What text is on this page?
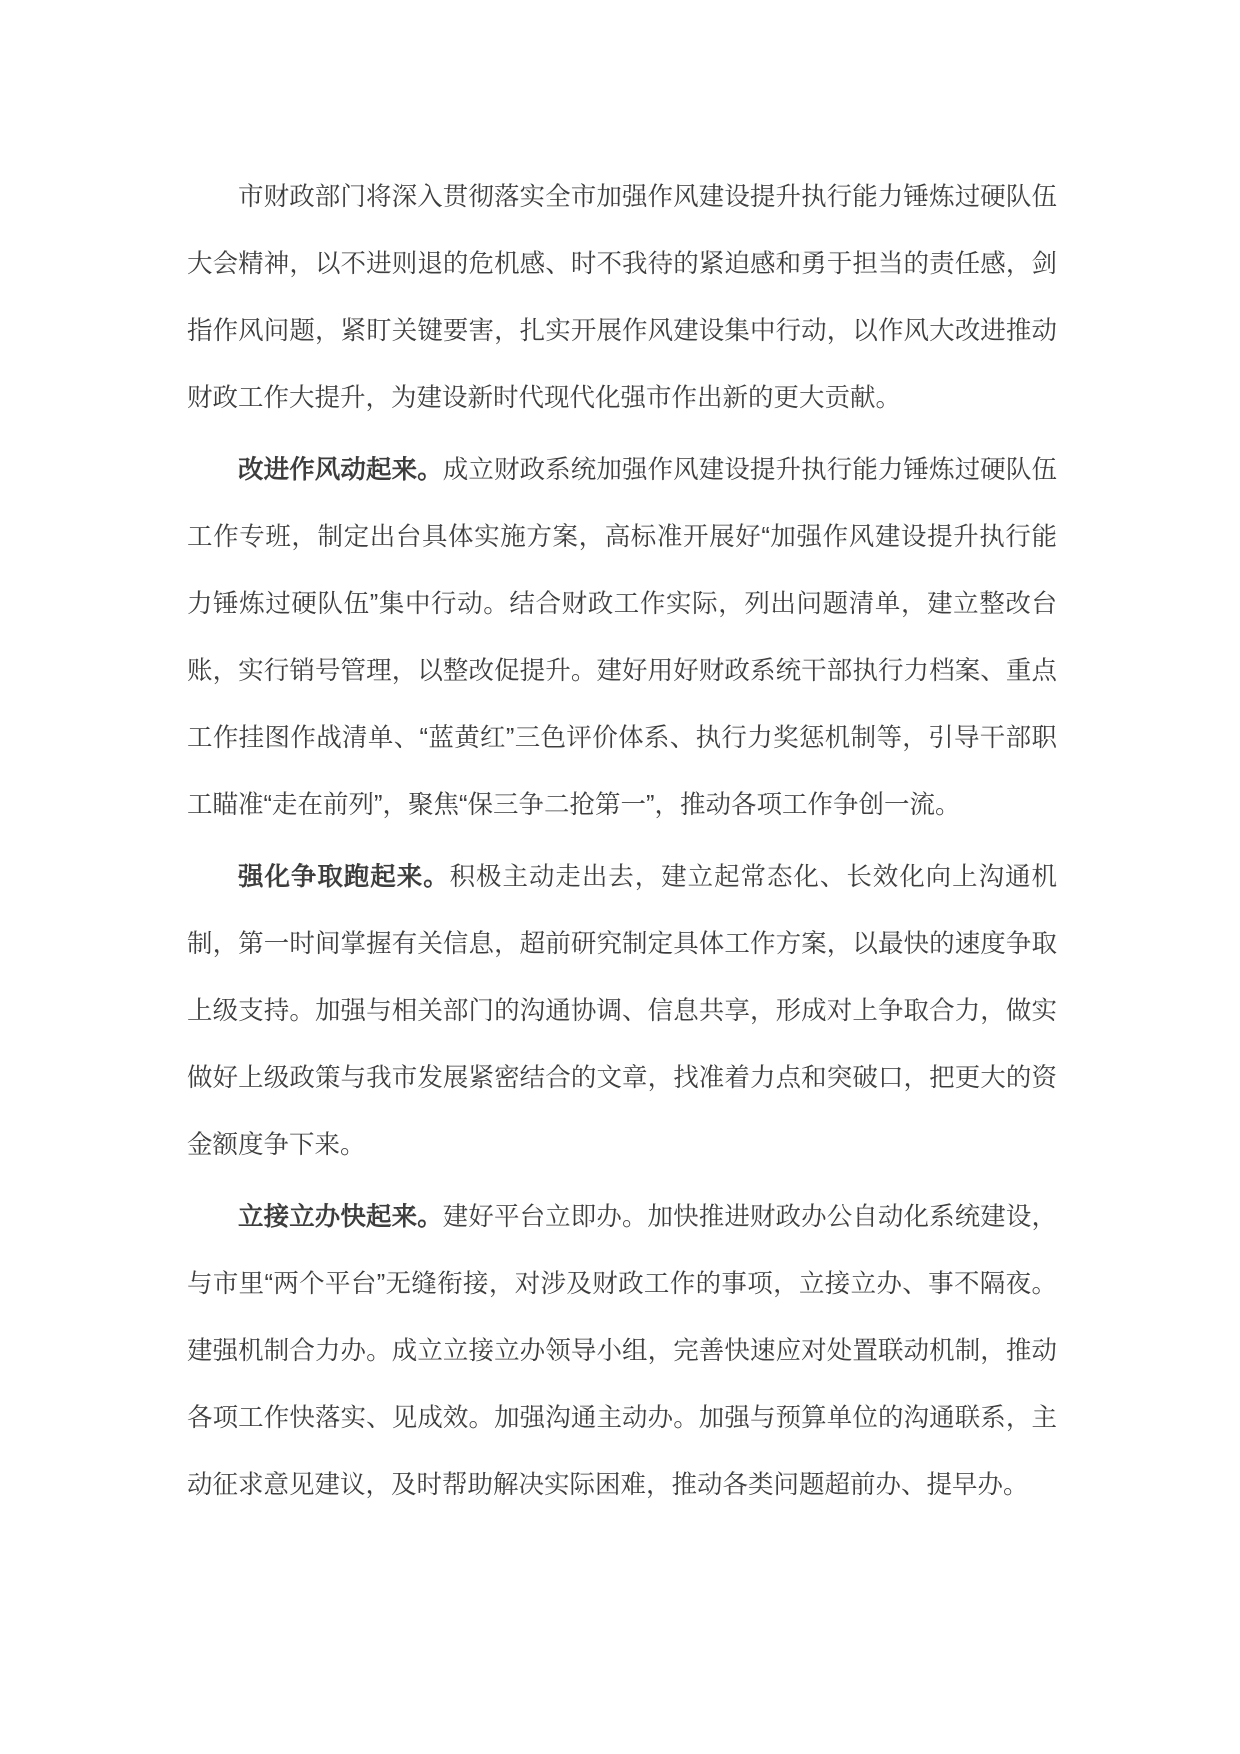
市财政部门将深入贯彻落实全市加强作风建设提升执行能力锤炼过硬队伍大会精神，以不进则退的危机感、时不我待的紧迫感和勇于担当的责任感，剑指作风问题，紧盯关键要害，扎实开展作风建设集中行动，以作风大改进推动财政工作大提升，为建设新时代现代化强市作出新的更大贡献。

改进作风动起来。成立财政系统加强作风建设提升执行能力锤炼过硬队伍工作专班，制定出台具体实施方案，高标准开展好“加强作风建设提升执行能力锤炼过硬队伍”集中行动。结合财政工作实际，列出问题清单，建立整改台账，实行销号管理，以整改促提升。建好用好财政系统干部执行力档案、重点工作挂图作战清单、“蓝黄红”三色评价体系、执行力奖惩机制等，引导干部职工瞄准“走在前列”，聚焦“保三争二抢第一”，推动各项工作争创一流。

强化争取跑起来。积极主动走出去，建立起常态化、长效化向上沟通机制，第一时间掌握有关信息，超前研究制定具体工作方案，以最快的速度争取上级支持。加强与相关部门的沟通协调、信息共享，形成对上争取合力，做实做好上级政策与我市发展紧密结合的文章，找准着力点和突破口，把更大的资金额度争下来。

立接立办快起来。建好平台立即办。加快推进财政办公自动化系统建设，与市里“两个平台”无缝衔接，对涉及财政工作的事项，立接立办、事不隔夜。建强机制合力办。成立立接立办领导小组，完善快速应对处置联动机制，推动各项工作快落实、见成效。加强沟通主动办。加强与预算单位的沟通联系，主动征求意见建议，及时帮助解决实际困难，推动各类问题超前办、提早办。
